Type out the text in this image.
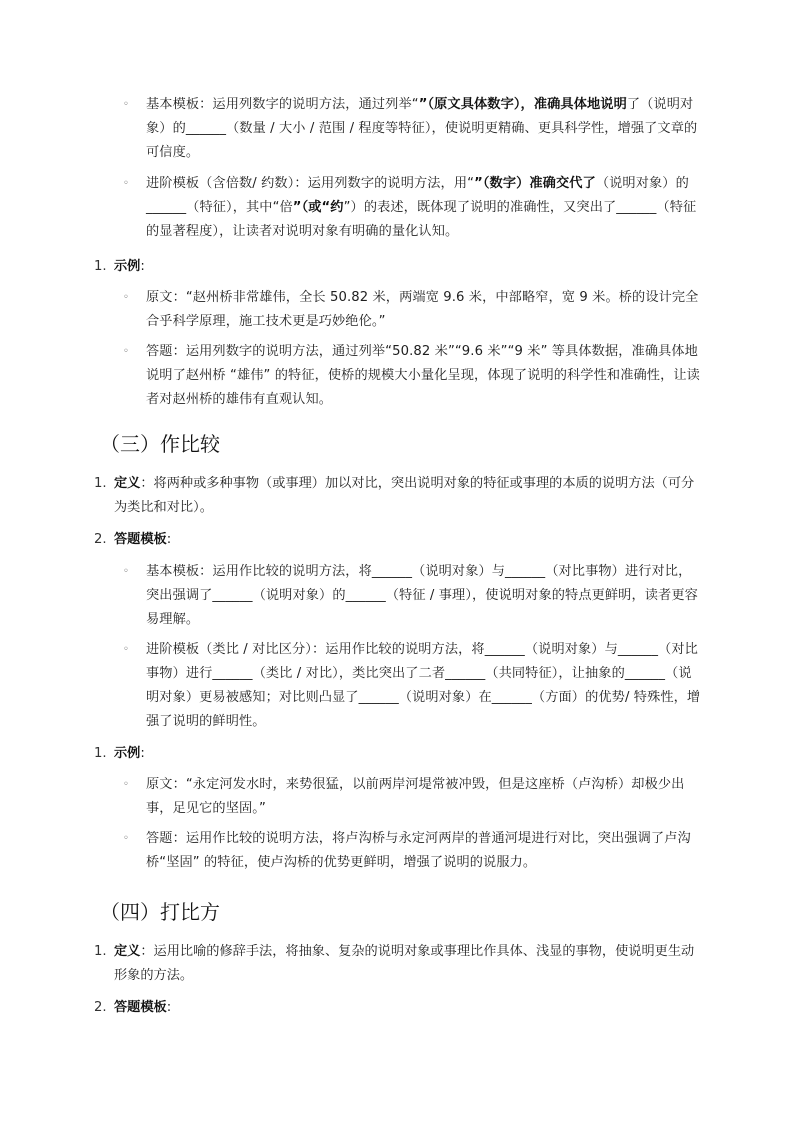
◦ 基本模板：运用列数字的说明方法，通过列举“”（原文具体数字），准确具体地说明了（说明对象）的______（数量 / 大小 / 范围 / 程度等特征），使说明更精确、更具科学性，增强了文章的可信度。
◦ 进阶模板（含倍数/ 约数）：运用列数字的说明方法，用“”（数字）准确交代了（说明对象）的______（特征），其中“倍”（或“约”）的表述，既体现了说明的准确性，又突出了______（特征的显著程度），让读者对说明对象有明确的量化认知。
1. 示例:
◦ 原文：“赵州桥非常雄伟，全长 50.82 米，两端宽 9.6 米，中部略窄，宽 9 米。桥的设计完全合乎科学原理，施工技术更是巧妙绝伦。”
◦ 答题：运用列数字的说明方法，通过列举“50.82 米”“9.6 米”“9 米” 等具体数据，准确具体地说明了赵州桥 “雄伟” 的特征，使桥的规模大小量化呈现，体现了说明的科学性和准确性，让读者对赵州桥的雄伟有直观认知。
（三）作比较
1. 定义：将两种或多种事物（或事理）加以对比，突出说明对象的特征或事理的本质的说明方法（可分为类比和对比）。
2. 答题模板:
◦ 基本模板：运用作比较的说明方法，将______（说明对象）与______（对比事物）进行对比，突出强调了______（说明对象）的______（特征 / 事理），使说明对象的特点更鲜明，读者更容易理解。
◦ 进阶模板（类比 / 对比区分）：运用作比较的说明方法，将______（说明对象）与______（对比事物）进行______（类比 / 对比），类比突出了二者______（共同特征），让抽象的______（说明对象）更易被感知；对比则凸显了______（说明对象）在______（方面）的优势/ 特殊性，增强了说明的鲜明性。
1. 示例:
◦ 原文：“永定河发水时，来势很猛，以前两岸河堤常被冲毁，但是这座桥（卢沟桥）却极少出事，足见它的坚固。”
◦ 答题：运用作比较的说明方法，将卢沟桥与永定河两岸的普通河堤进行对比，突出强调了卢沟桥“坚固” 的特征，使卢沟桥的优势更鲜明，增强了说明的说服力。
（四）打比方
1. 定义：运用比喻的修辞手法，将抽象、复杂的说明对象或事理比作具体、浅显的事物，使说明更生动形象的方法。
2. 答题模板:
